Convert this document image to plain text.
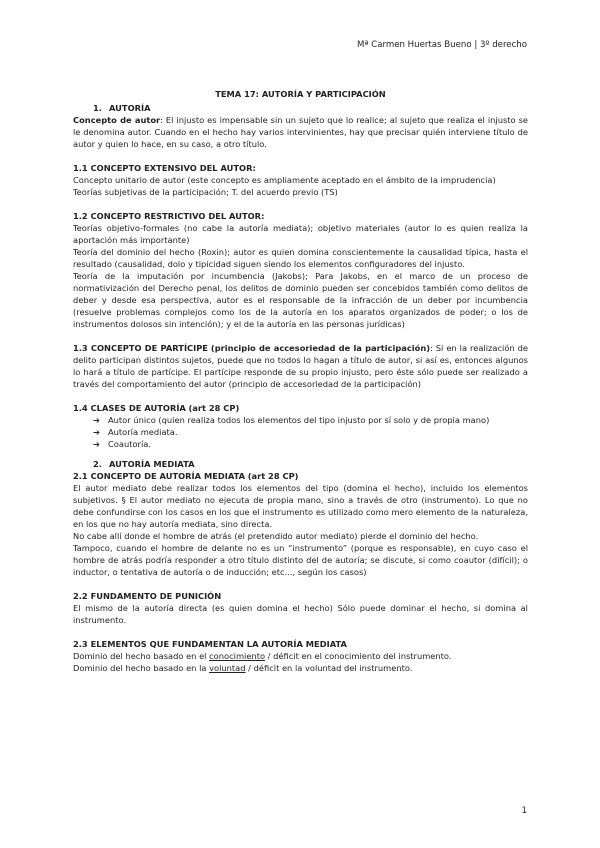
Mª Carmen Huertas Bueno | 3º derecho

TEMA 17: AUTORÍA Y PARTICIPACIÓN

1. AUTORÍA

Concepto de autor: El injusto es impensable sin un sujeto que lo realice; al sujeto que realiza el injusto se le denomina autor. Cuando en el hecho hay varios intervinientes, hay que precisar quién interviene título de autor y quien lo hace, en su caso, a otro título.

1.1 CONCEPTO EXTENSIVO DEL AUTOR:

Concepto unitario de autor (este concepto es ampliamente aceptado en el ámbito de la imprudencia)

Teorías subjetivas de la participación; T. del acuerdo previo (TS)

1.2 CONCEPTO RESTRICTIVO DEL AUTOR:

Teorías objetivo-formales (no cabe la autoría mediata); objetivo materiales (autor lo es quien realiza la aportación más importante)

Teoría del dominio del hecho (Roxin); autor es quien domina conscientemente la causalidad típica, hasta el resultado (causalidad, dolo y tipicidad siguen siendo los elementos configuradores del injusto.

Teoría de la imputación por incumbencia (Jakobs); Para Jakobs, en el marco de un proceso de normativización del Derecho penal, los delitos de dominio pueden ser concebidos también como delitos de deber y desde esa perspectiva, autor es el responsable de la infracción de un deber por incumbencia (resuelve problemas complejos como los de la autoría en los aparatos organizados de poder; o los de instrumentos dolosos sin intención); y el de la autoría en las personas jurídicas)

1.3 CONCEPTO DE PARTÍCIPE (principio de accesoriedad de la participación): Si en la realización de delito participan distintos sujetos, puede que no todos lo hagan a título de autor, si así es, entonces algunos lo hará a título de partícipe. El partícipe responde de su propio injusto, pero éste sólo puede ser realizado a través del comportamiento del autor (principio de accesoriedad de la participación)

1.4 CLASES DE AUTORÍA (art 28 CP)

➔ Autor único (quien realiza todos los elementos del tipo injusto por sí solo y de propia mano)
➔ Autoría mediata.
➔ Coautoría.

2. AUTORÍA MEDIATA

2.1 CONCEPTO DE AUTORÍA MEDIATA (art 28 CP)

El autor mediato debe realizar todos los elementos del tipo (domina el hecho), incluido los elementos subjetivos. § El autor mediato no ejecuta de propia mano, sino a través de otro (instrumento). Lo que no debe confundirse con los casos en los que el instrumento es utilizado como mero elemento de la naturaleza, en los que no hay autoría mediata, sino directa.

No cabe allí donde el hombre de atrás (el pretendido autor mediato) pierde el dominio del hecho.

Tampoco, cuando el hombre de delante no es un “instrumento” (porque es responsable), en cuyo caso el hombre de atrás podría responder a otro título distinto del de autoría; se discute, si como coautor (difícil); o inductor, o tentativa de autoría o de inducción; etc..., según los casos)

2.2 FUNDAMENTO DE PUNICIÓN

El mismo de la autoría directa (es quien domina el hecho) Sólo puede dominar el hecho, si domina al instrumento.

2.3 ELEMENTOS QUE FUNDAMENTAN LA AUTORÍA MEDIATA

Dominio del hecho basado en el conocimiento / déficit en el conocimiento del instrumento.

Dominio del hecho basado en la voluntad / déficit en la voluntad del instrumento.

1
